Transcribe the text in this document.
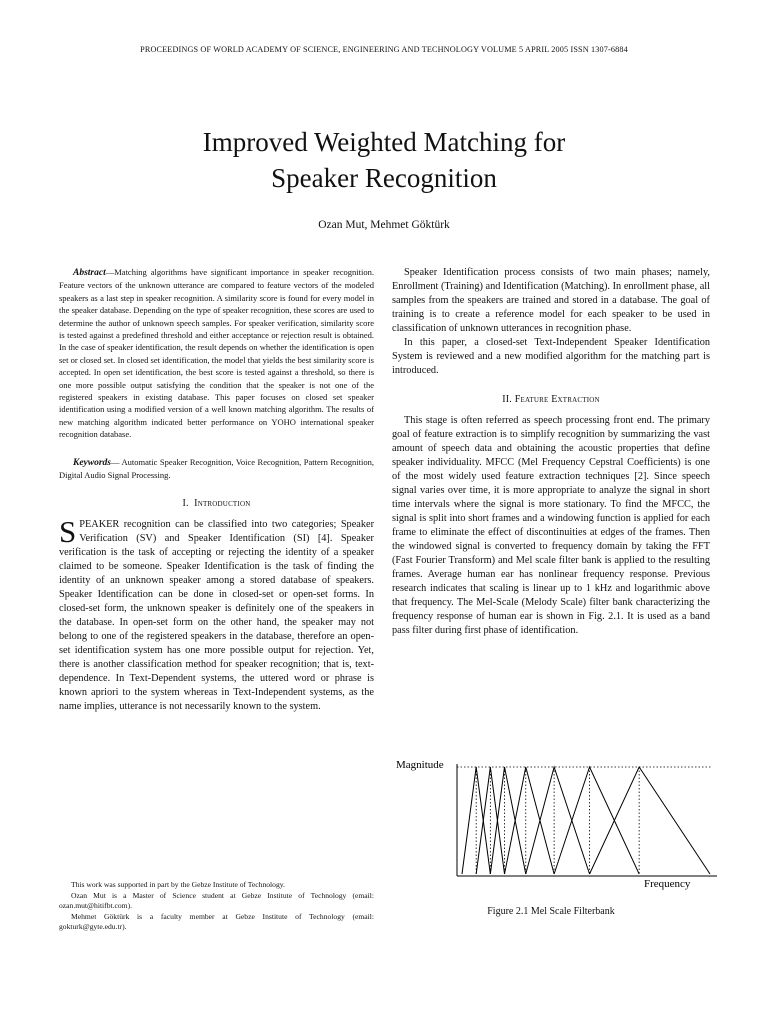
PROCEEDINGS OF WORLD ACADEMY OF SCIENCE, ENGINEERING AND TECHNOLOGY VOLUME 5 APRIL 2005 ISSN 1307-6884
Improved Weighted Matching for
Speaker Recognition
Ozan Mut, Mehmet Göktürk

Abstract—Matching algorithms have significant importance in speaker recognition. Feature vectors of the unknown utterance are compared to feature vectors of the modeled speakers as a last step in speaker recognition. A similarity score is found for every model in the speaker database. Depending on the type of speaker recognition, these scores are used to determine the author of unknown speech samples. For speaker verification, similarity score is tested against a predefined threshold and either acceptance or rejection result is obtained. In the case of speaker identification, the result depends on whether the identification is open set or closed set. In closed set identification, the model that yields the best similarity score is accepted. In open set identification, the best score is tested against a threshold, so there is one more possible output satisfying the condition that the speaker is not one of the registered speakers in existing database. This paper focuses on closed set speaker identification using a modified version of a well known matching algorithm. The results of new matching algorithm indicated better performance on YOHO international speaker recognition database.

Keywords— Automatic Speaker Recognition, Voice Recognition, Pattern Recognition, Digital Audio Signal Processing.

I. Introduction

SPEAKER recognition can be classified into two categories; Speaker Verification (SV) and Speaker Identification (SI) [4]. Speaker verification is the task of accepting or rejecting the identity of a speaker claimed to be someone. Speaker Identification is the task of finding the identity of an unknown speaker among a stored database of speakers. Speaker Identification can be done in closed-set or open-set forms. In closed-set form, the unknown speaker is definitely one of the speakers in the database. In open-set form on the other hand, the speaker may not belong to one of the registered speakers in the database, therefore an open-set identification system has one more possible output for rejection. Yet, there is another classification method for speaker recognition; that is, text-dependence. In Text-Dependent systems, the uttered word or phrase is known apriori to the system whereas in Text-Independent systems, as the name implies, utterance is not necessarily known to the system.

This work was supported in part by the Gebze Institute of Technology.

Ozan Mut is a Master of Science student at Gebze Institute of Technology (email: ozan.mut@hitifbt.com).

Mehmet Göktürk is a faculty member at Gebze Institute of Technology (email: gokturk@gyte.edu.tr).

Speaker Identification process consists of two main phases; namely, Enrollment (Training) and Identification (Matching). In enrollment phase, all samples from the speakers are trained and stored in a database. The goal of training is to create a reference model for each speaker to be used in classification of unknown utterances in recognition phase.

In this paper, a closed-set Text-Independent Speaker Identification System is reviewed and a new modified algorithm for the matching part is introduced.

II. Feature Extraction

This stage is often referred as speech processing front end. The primary goal of feature extraction is to simplify recognition by summarizing the vast amount of speech data and obtaining the acoustic properties that define speaker individuality. MFCC (Mel Frequency Cepstral Coefficients) is one of the most widely used feature extraction techniques [2]. Since speech signal varies over time, it is more appropriate to analyze the signal in short time intervals where the signal is more stationary. To find the MFCC, the signal is split into short frames and a windowing function is applied for each frame to eliminate the effect of discontinuities at edges of the frames. Then the windowed signal is converted to frequency domain by taking the FFT (Fast Fourier Transform) and Mel scale filter bank is applied to the resulting frames. Average human ear has nonlinear frequency response. Previous research indicates that scaling is linear up to 1 kHz and logarithmic above that frequency. The Mel-Scale (Melody Scale) filter bank characterizing the frequency response of human ear is shown in Fig. 2.1. It is used as a band pass filter during first phase of identification.

Magnitude
Frequency
Figure 2.1 Mel Scale Filterbank
